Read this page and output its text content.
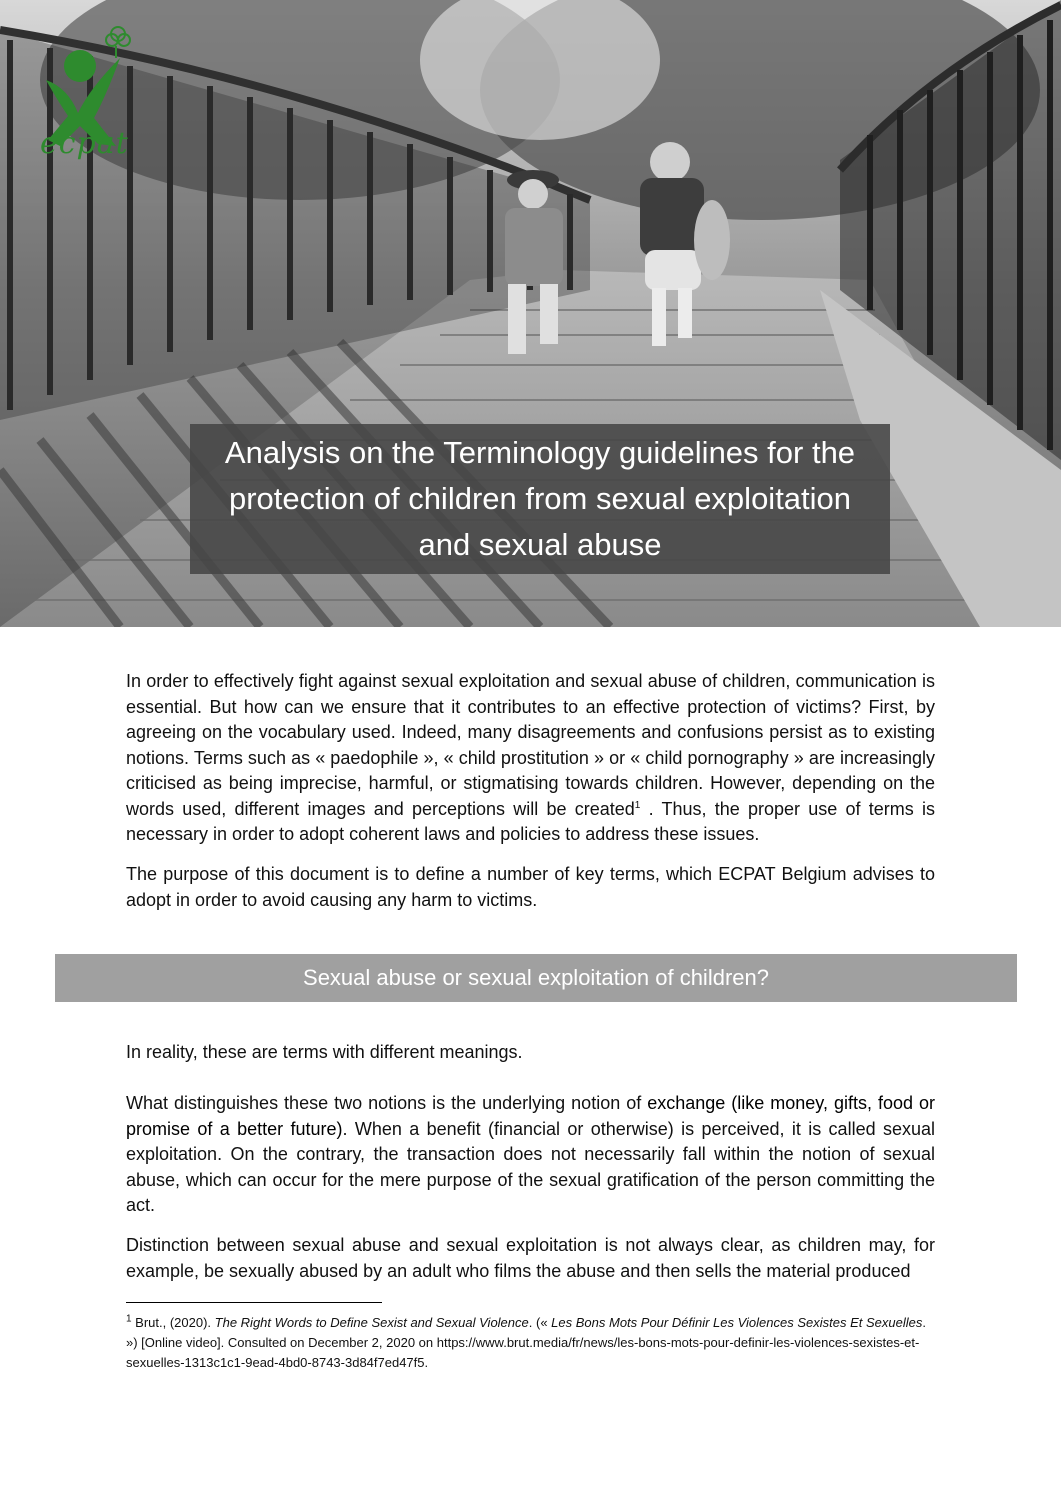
ecpat
Analysis on the Terminology guidelines for the protection of children from sexual exploitation and sexual abuse

In order to effectively fight against sexual exploitation and sexual abuse of children, communication is essential. But how can we ensure that it contributes to an effective protection of victims? First, by agreeing on the vocabulary used. Indeed, many disagreements and confusions persist as to existing notions. Terms such as « paedophile », « child prostitution » or « child pornography » are increasingly criticised as being imprecise, harmful, or stigmatising towards children. However, depending on the words used, different images and perceptions will be created$^1$ . Thus, the proper use of terms is necessary in order to adopt coherent laws and policies to address these issues.

The purpose of this document is to define a number of key terms, which ECPAT Belgium advises to adopt in order to avoid causing any harm to victims.

Sexual abuse or sexual exploitation of children?

In reality, these are terms with different meanings.

What distinguishes these two notions is the underlying notion of exchange (like money, gifts, food or promise of a better future). When a benefit (financial or otherwise) is perceived, it is called sexual exploitation. On the contrary, the transaction does not necessarily fall within the notion of sexual abuse, which can occur for the mere purpose of the sexual gratification of the person committing the act.

Distinction between sexual abuse and sexual exploitation is not always clear, as children may, for example, be sexually abused by an adult who films the abuse and then sells the material produced

$^1$ Brut., (2020). The Right Words to Define Sexist and Sexual Violence. (« Les Bons Mots Pour Définir Les Violences Sexistes Et Sexuelles. ») [Online video]. Consulted on December 2, 2020 on https://www.brut.media/fr/news/les-bons-mots-pour-definir-les-violences-sexistes-et-sexuelles-1313c1c1-9ead-4bd0-8743-3d84f7ed47f5.
